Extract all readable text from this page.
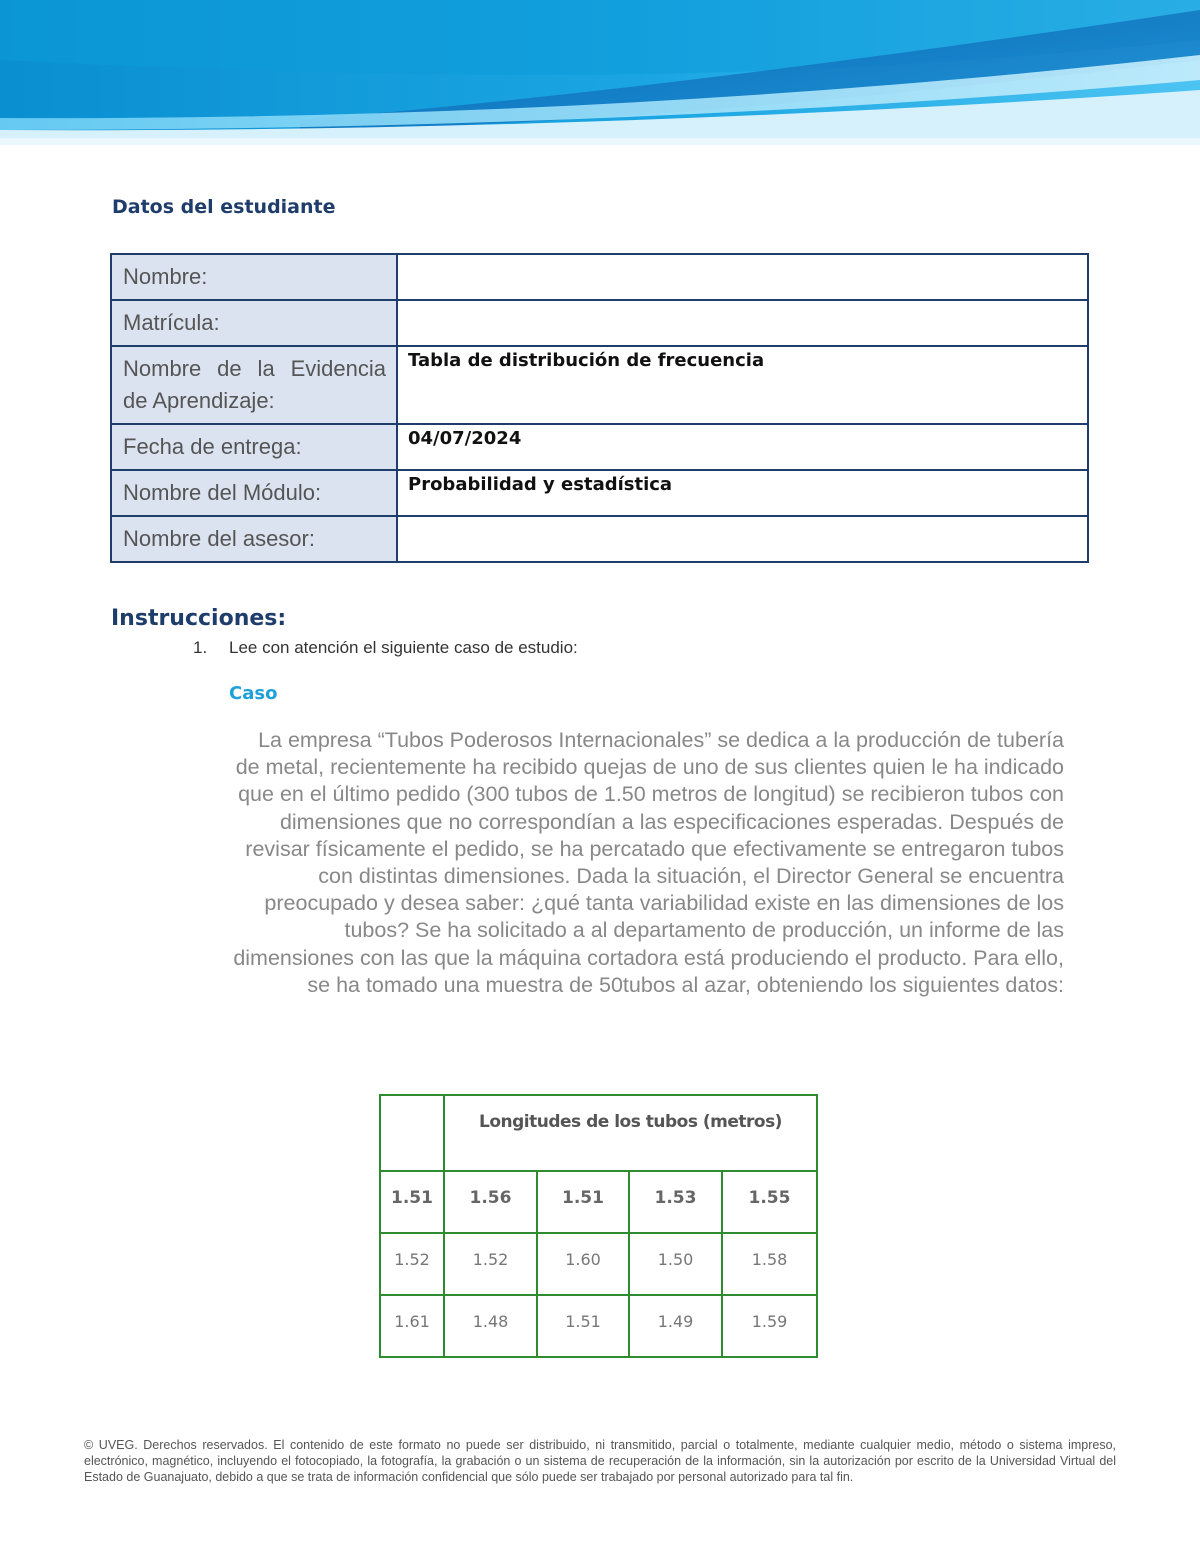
Datos del estudiante
Nombre:	
Matrícula:	
Nombre de la Evidencia de Aprendizaje:	Tabla de distribución de frecuencia
Fecha de entrega:	04/07/2024
Nombre del Módulo:	Probabilidad y estadística
Nombre del asesor:	
Instrucciones:
1. Lee con atención el siguiente caso de estudio:
Caso

La empresa “Tubos Poderosos Internacionales” se dedica a la producción de tubería de metal, recientemente ha recibido quejas de uno de sus clientes quien le ha indicado que en el último pedido (300 tubos de 1.50 metros de longitud) se recibieron tubos con dimensiones que no correspondían a las especificaciones esperadas. Después de revisar físicamente el pedido, se ha percatado que efectivamente se entregaron tubos con distintas dimensiones. Dada la situación, el Director General se encuentra preocupado y desea saber: ¿qué tanta variabilidad existe en las dimensiones de los tubos? Se ha solicitado a al departamento de producción, un informe de las dimensiones con las que la máquina cortadora está produciendo el producto. Para ello, se ha tomado una muestra de 50tubos al azar, obteniendo los siguientes datos:

	Longitudes de los tubos (metros)			
1.51	1.56	1.51	1.53	1.55
1.52	1.52	1.60	1.50	1.58
1.61	1.48	1.51	1.49	1.59

© UVEG. Derechos reservados. El contenido de este formato no puede ser distribuido, ni transmitido, parcial o totalmente, mediante cualquier medio, método o sistema impreso, electrónico, magnético, incluyendo el fotocopiado, la fotografía, la grabación o un sistema de recuperación de la información, sin la autorización por escrito de la Universidad Virtual del Estado de Guanajuato, debido a que se trata de información confidencial que sólo puede ser trabajado por personal autorizado para tal fin.
